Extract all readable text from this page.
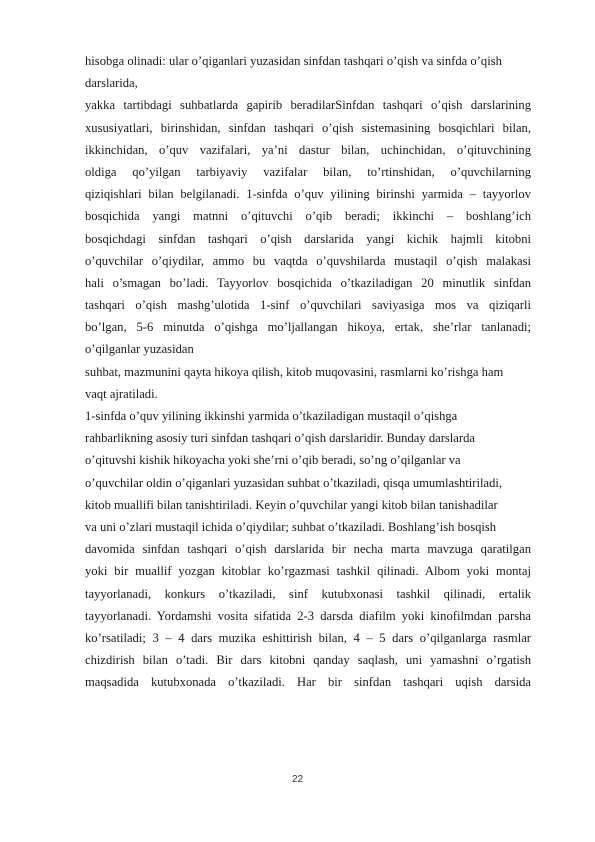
hisobga olinadi: ular o’qiganlari yuzasidan sinfdan tashqari o’qish va sinfda o’qish
darslarida,
yakka tartibdagi suhbatlarda gapirib beradilarSinfdan tashqari o’qish darslarining
xususiyatlari, birinshidan, sinfdan tashqari o’qish sistemasining bosqichlari bilan,
ikkinchidan, o’quv vazifalari, ya’ni dastur bilan, uchinchidan, o’qituvchining
oldiga qo’yilgan tarbiyaviy vazifalar bilan, to’rtinshidan, o’quvchilarning
qiziqishlari bilan belgilanadi. 1-sinfda o’quv yilining birinshi yarmida – tayyorlov
bosqichida yangi matnni o’qituvchi o’qib beradi; ikkinchi – boshlang’ich
bosqichdagi sinfdan tashqari o’qish darslarida yangi kichik hajmli kitobni
o’quvchilar o’qiydilar, ammo bu vaqtda o’quvshilarda mustaqil o’qish malakasi
hali o’smagan bo’ladi. Tayyorlov bosqichida o’tkaziladigan 20 minutlik sinfdan
tashqari o’qish mashg’ulotida 1-sinf o’quvchilari saviyasiga mos va qiziqarli
bo’lgan, 5-6 minutda o’qishga mo’ljallangan hikoya, ertak, she’rlar tanlanadi;
o’qilganlar yuzasidan
suhbat, mazmunini qayta hikoya qilish, kitob muqovasini, rasmlarni ko’rishga ham
vaqt ajratiladi.
1-sinfda o’quv yilining ikkinshi yarmida o’tkaziladigan mustaqil o’qishga
rahbarlikning asosiy turi sinfdan tashqari o’qish darslaridir. Bunday darslarda
o’qituvshi kishik hikoyacha yoki she’rni o’qib beradi, so’ng o’qilganlar va
o’quvchilar oldin o’qiganlari yuzasidan suhbat o’tkaziladi, qisqa umumlashtiriladi,
kitob muallifi bilan tanishtiriladi. Keyin o’quvchilar yangi kitob bilan tanishadilar
va uni o’zlari mustaqil ichida o’qiydilar; suhbat o’tkaziladi. Boshlang’ish bosqish
davomida sinfdan tashqari o’qish darslarida bir necha marta mavzuga qaratilgan
yoki bir muallif yozgan kitoblar ko’rgazmasi tashkil qilinadi. Albom yoki montaj
tayyorlanadi, konkurs o’tkaziladi, sinf kutubxonasi tashkil qilinadi, ertalik
tayyorlanadi. Yordamshi vosita sifatida 2-3 darsda diafilm yoki kinofilmdan parsha
ko’rsatiladi; 3 – 4 dars muzika eshittirish bilan, 4 – 5 dars o’qilganlarga rasmlar
chizdirish bilan o’tadi. Bir dars kitobni qanday saqlash, uni yamashni o’rgatish
maqsadida kutubxonada o’tkaziladi. Har bir sinfdan tashqari uqish darsida
22
